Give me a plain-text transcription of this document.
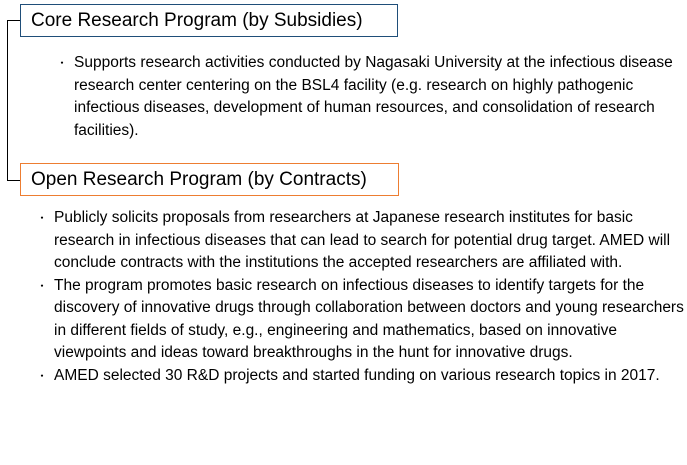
Core Research Program (by Subsidies)

・ Supports research activities conducted by Nagasaki University at the infectious disease research center centering on the BSL4 facility (e.g. research on highly pathogenic infectious diseases, development of human resources, and consolidation of research facilities).

Open Research Program (by Contracts)

・ Publicly solicits proposals from researchers at Japanese research institutes for basic research in infectious diseases that can lead to search for potential drug target. AMED will conclude contracts with the institutions the accepted researchers are affiliated with.

・ The program promotes basic research on infectious diseases to identify targets for the discovery of innovative drugs through collaboration between doctors and young researchers in different fields of study, e.g., engineering and mathematics, based on innovative viewpoints and ideas toward breakthroughs in the hunt for innovative drugs.

・ AMED selected 30 R&D projects and started funding on various research topics in 2017.
